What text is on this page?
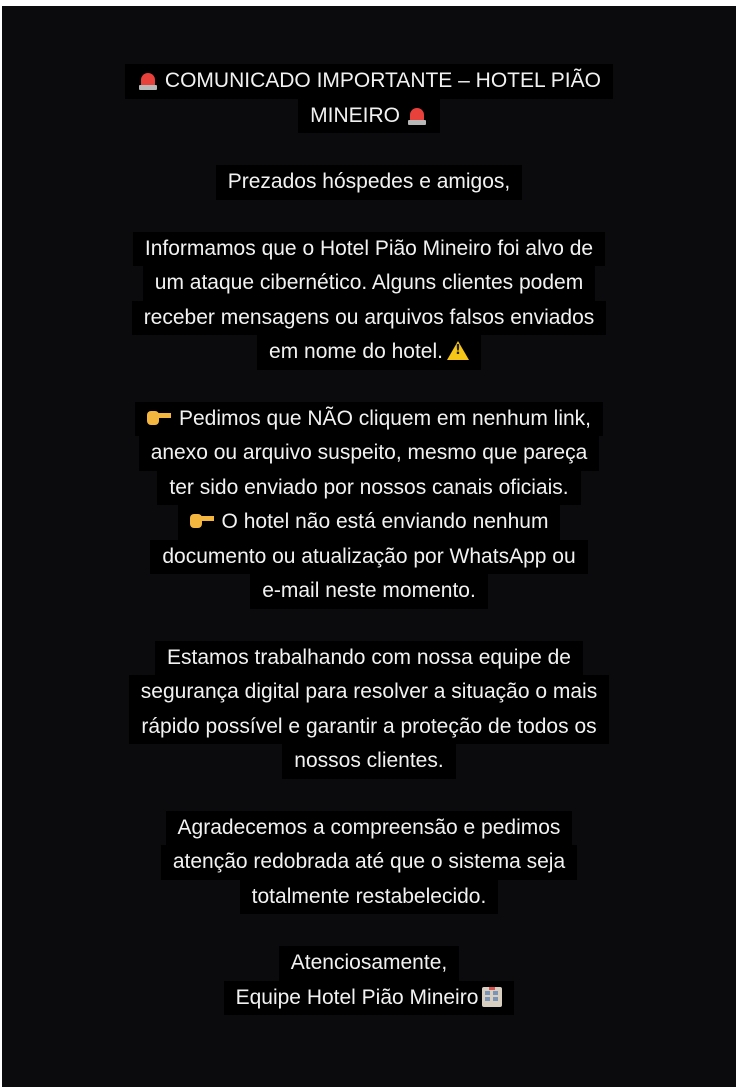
COMUNICADO IMPORTANTE – HOTEL PIÃO
MINEIRO
Prezados hóspedes e amigos,
Informamos que o Hotel Pião Mineiro foi alvo de
um ataque cibernético. Alguns clientes podem
receber mensagens ou arquivos falsos enviados
em nome do hotel.!
Pedimos que NÃO cliquem em nenhum link,
anexo ou arquivo suspeito, mesmo que pareça
ter sido enviado por nossos canais oficiais.
O hotel não está enviando nenhum
documento ou atualização por WhatsApp ou
e-mail neste momento.
Estamos trabalhando com nossa equipe de
segurança digital para resolver a situação o mais
rápido possível e garantir a proteção de todos os
nossos clientes.
Agradecemos a compreensão e pedimos
atenção redobrada até que o sistema seja
totalmente restabelecido.
Atenciosamente,
Equipe Hotel Pião Mineiro
